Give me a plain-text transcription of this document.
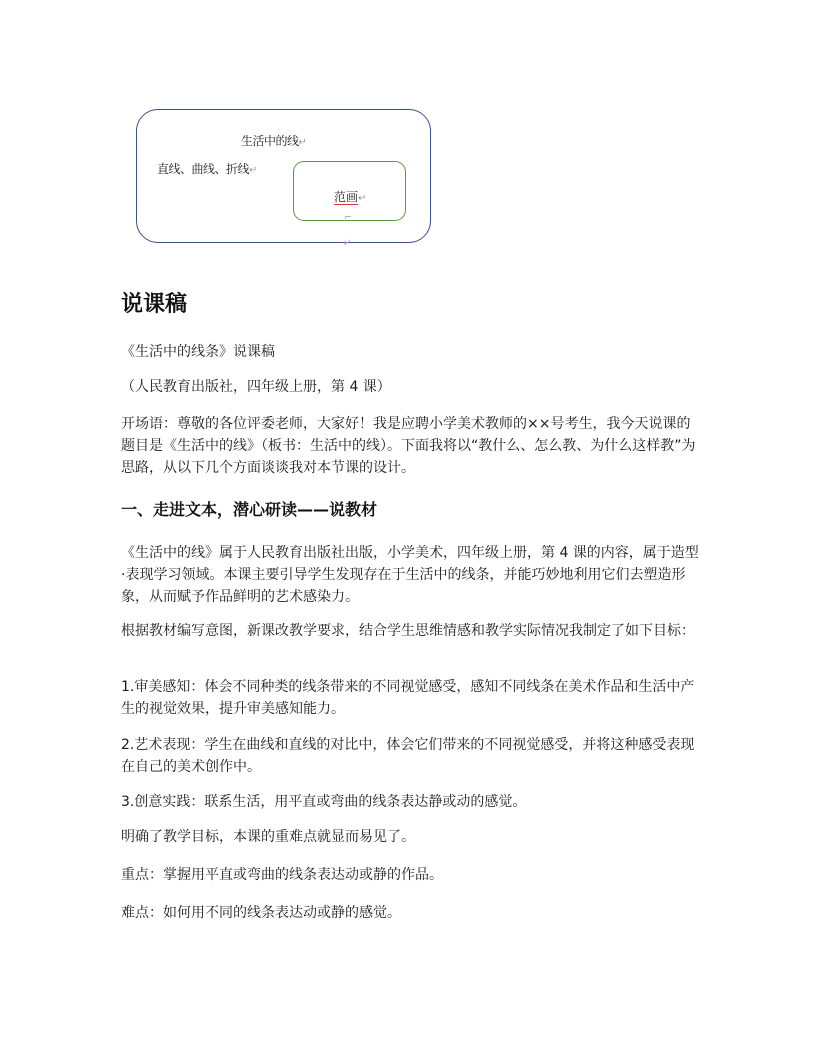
生活中的线↵
直线、曲线、折线↵
范画↵
⌐
↵
说课稿

《生活中的线条》说课稿

（人民教育出版社，四年级上册，第 4 课）

开场语：尊敬的各位评委老师，大家好！我是应聘小学美术教师的××号考生，我今天说课的题目是《生活中的线》（板书：生活中的线）。下面我将以“教什么、怎么教、为什么这样教”为思路，从以下几个方面谈谈我对本节课的设计。

一、走进文本，潜心研读——说教材

《生活中的线》属于人民教育出版社出版，小学美术，四年级上册，第 4 课的内容，属于造型·表现学习领域。本课主要引导学生发现存在于生活中的线条，并能巧妙地利用它们去塑造形象，从而赋予作品鲜明的艺术感染力。

根据教材编写意图，新课改教学要求，结合学生思维情感和教学实际情况我制定了如下目标：

1.审美感知：体会不同种类的线条带来的不同视觉感受，感知不同线条在美术作品和生活中产生的视觉效果，提升审美感知能力。

2.艺术表现：学生在曲线和直线的对比中，体会它们带来的不同视觉感受，并将这种感受表现在自己的美术创作中。

3.创意实践：联系生活，用平直或弯曲的线条表达静或动的感觉。

明确了教学目标，本课的重难点就显而易见了。

重点：掌握用平直或弯曲的线条表达动或静的作品。

难点：如何用不同的线条表达动或静的感觉。
